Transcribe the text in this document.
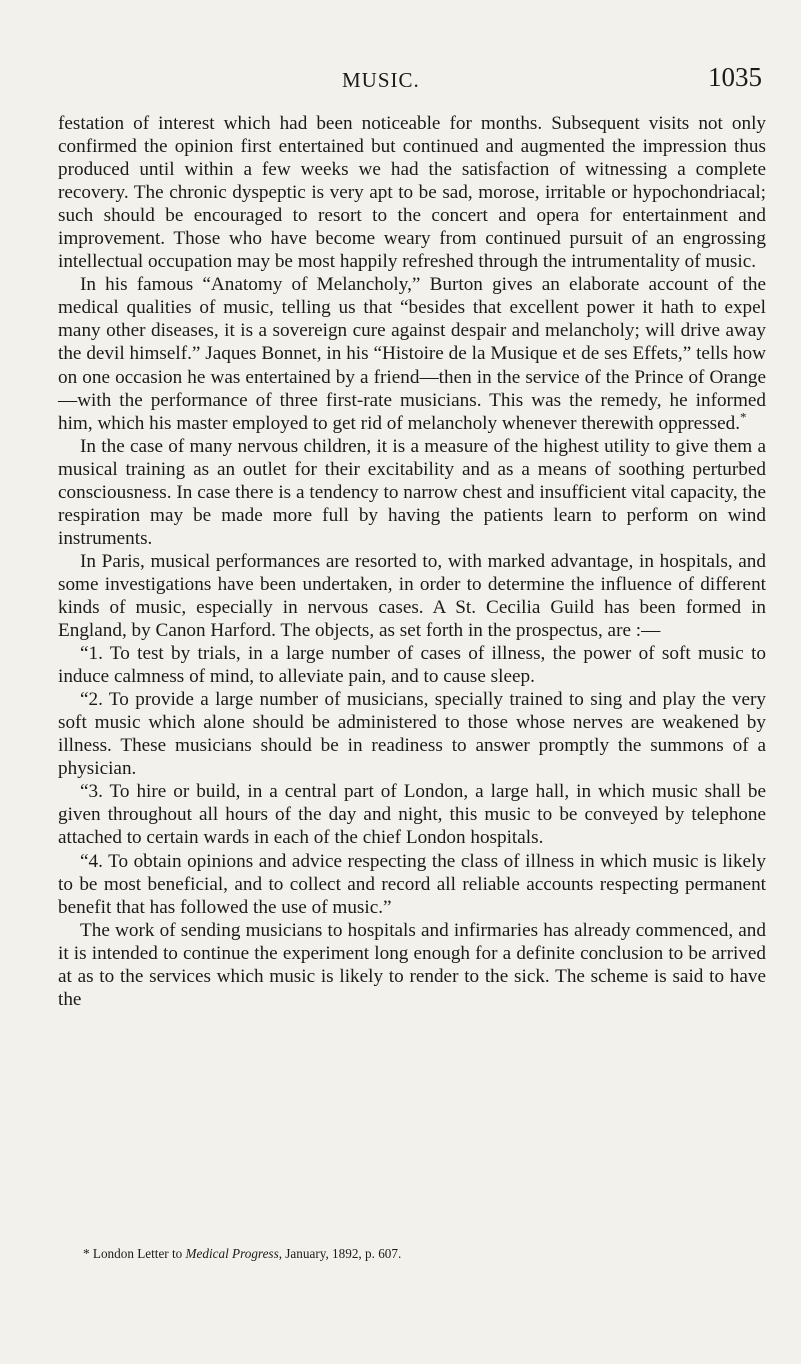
MUSIC.	1035

festation of interest which had been noticeable for months. Subsequent visits not only confirmed the opinion first entertained but continued and augmented the impression thus produced until within a few weeks we had the satisfaction of witnessing a complete recovery. The chronic dyspeptic is very apt to be sad, morose, irritable or hypochondriacal; such should be encouraged to resort to the concert and opera for entertainment and improvement. Those who have become weary from continued pursuit of an engrossing intellectual occupation may be most happily refreshed through the intrumentality of music.

In his famous “Anatomy of Melancholy,” Burton gives an elaborate account of the medical qualities of music, telling us that “besides that excellent power it hath to expel many other diseases, it is a sovereign cure against despair and melancholy; will drive away the devil himself.” Jaques Bonnet, in his “Histoire de la Musique et de ses Effets,” tells how on one occasion he was entertained by a friend—then in the service of the Prince of Orange—with the performance of three first-rate musicians. This was the remedy, he informed him, which his master employed to get rid of melancholy whenever therewith oppressed.*

In the case of many nervous children, it is a measure of the highest utility to give them a musical training as an outlet for their excitability and as a means of soothing perturbed consciousness. In case there is a tendency to narrow chest and insufficient vital capacity, the respiration may be made more full by having the patients learn to perform on wind instruments.

In Paris, musical performances are resorted to, with marked advantage, in hospitals, and some investigations have been undertaken, in order to determine the influence of different kinds of music, especially in nervous cases. A St. Cecilia Guild has been formed in England, by Canon Harford. The objects, as set forth in the prospectus, are :—

“1. To test by trials, in a large number of cases of illness, the power of soft music to induce calmness of mind, to alleviate pain, and to cause sleep.

“2. To provide a large number of musicians, specially trained to sing and play the very soft music which alone should be administered to those whose nerves are weakened by illness. These musicians should be in readiness to answer promptly the summons of a physician.

“3. To hire or build, in a central part of London, a large hall, in which music shall be given throughout all hours of the day and night, this music to be conveyed by telephone attached to certain wards in each of the chief London hospitals.

“4. To obtain opinions and advice respecting the class of illness in which music is likely to be most beneficial, and to collect and record all reliable accounts respecting permanent benefit that has followed the use of music.”

The work of sending musicians to hospitals and infirmaries has already commenced, and it is intended to continue the experiment long enough for a definite conclusion to be arrived at as to the services which music is likely to render to the sick. The scheme is said to have the

* London Letter to Medical Progress, January, 1892, p. 607.
